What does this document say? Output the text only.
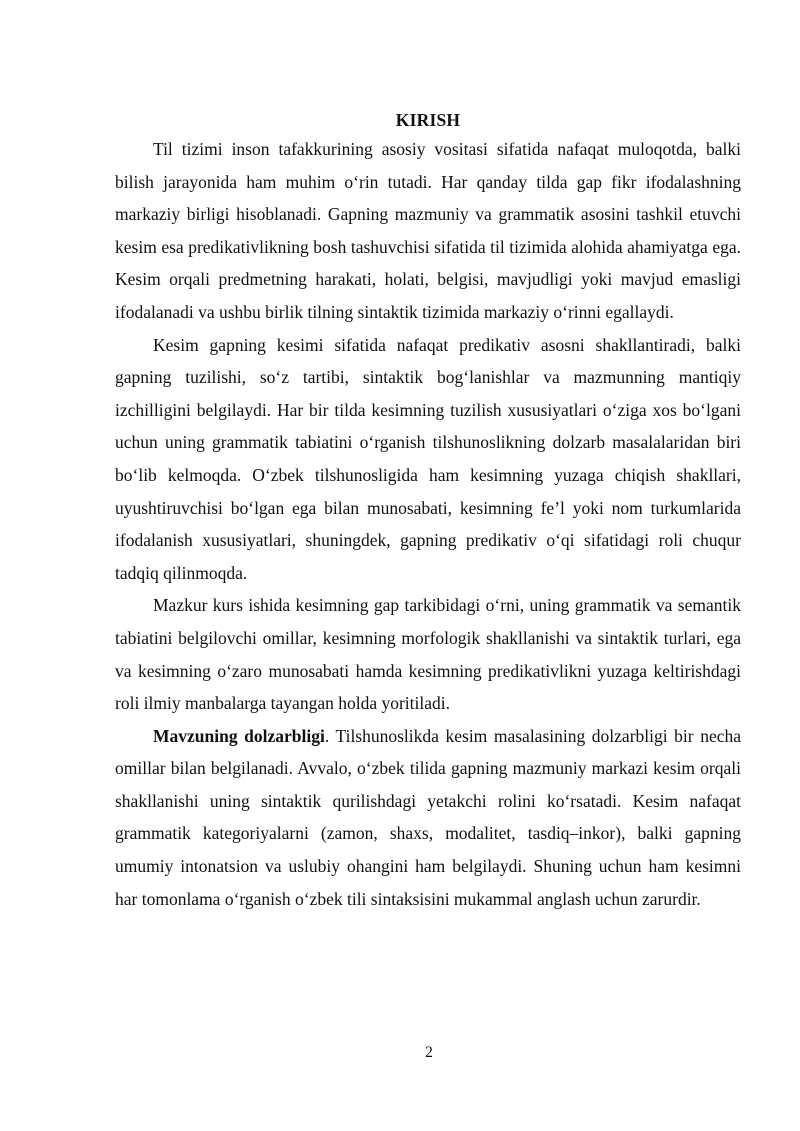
KIRISH

Til tizimi inson tafakkurining asosiy vositasi sifatida nafaqat muloqotda, balki bilish jarayonida ham muhim o‘rin tutadi. Har qanday tilda gap fikr ifodalashning markaziy birligi hisoblanadi. Gapning mazmuniy va grammatik asosini tashkil etuvchi kesim esa predikativlikning bosh tashuvchisi sifatida til tizimida alohida ahamiyatga ega. Kesim orqali predmetning harakati, holati, belgisi, mavjudligi yoki mavjud emasligi ifodalanadi va ushbu birlik tilning sintaktik tizimida markaziy o‘rinni egallaydi.

Kesim gapning kesimi sifatida nafaqat predikativ asosni shakllantiradi, balki gapning tuzilishi, so‘z tartibi, sintaktik bog‘lanishlar va mazmunning mantiqiy izchilligini belgilaydi. Har bir tilda kesimning tuzilish xususiyatlari o‘ziga xos bo‘lgani uchun uning grammatik tabiatini o‘rganish tilshunoslikning dolzarb masalalaridan biri bo‘lib kelmoqda. O‘zbek tilshunosligida ham kesimning yuzaga chiqish shakllari, uyushtiruvchisi bo‘lgan ega bilan munosabati, kesimning fe’l yoki nom turkumlarida ifodalanish xususiyatlari, shuningdek, gapning predikativ o‘qi sifatidagi roli chuqur tadqiq qilinmoqda.

Mazkur kurs ishida kesimning gap tarkibidagi o‘rni, uning grammatik va semantik tabiatini belgilovchi omillar, kesimning morfologik shakllanishi va sintaktik turlari, ega va kesimning o‘zaro munosabati hamda kesimning predikativlikni yuzaga keltirishdagi roli ilmiy manbalarga tayangan holda yoritiladi.

Mavzuning dolzarbligi. Tilshunoslikda kesim masalasining dolzarbligi bir necha omillar bilan belgilanadi. Avvalo, o‘zbek tilida gapning mazmuniy markazi kesim orqali shakllanishi uning sintaktik qurilishdagi yetakchi rolini ko‘rsatadi. Kesim nafaqat grammatik kategoriyalarni (zamon, shaxs, modalitet, tasdiq–inkor), balki gapning umumiy intonatsion va uslubiy ohangini ham belgilaydi. Shuning uchun ham kesimni har tomonlama o‘rganish o‘zbek tili sintaksisini mukammal anglash uchun zarurdir.

2
